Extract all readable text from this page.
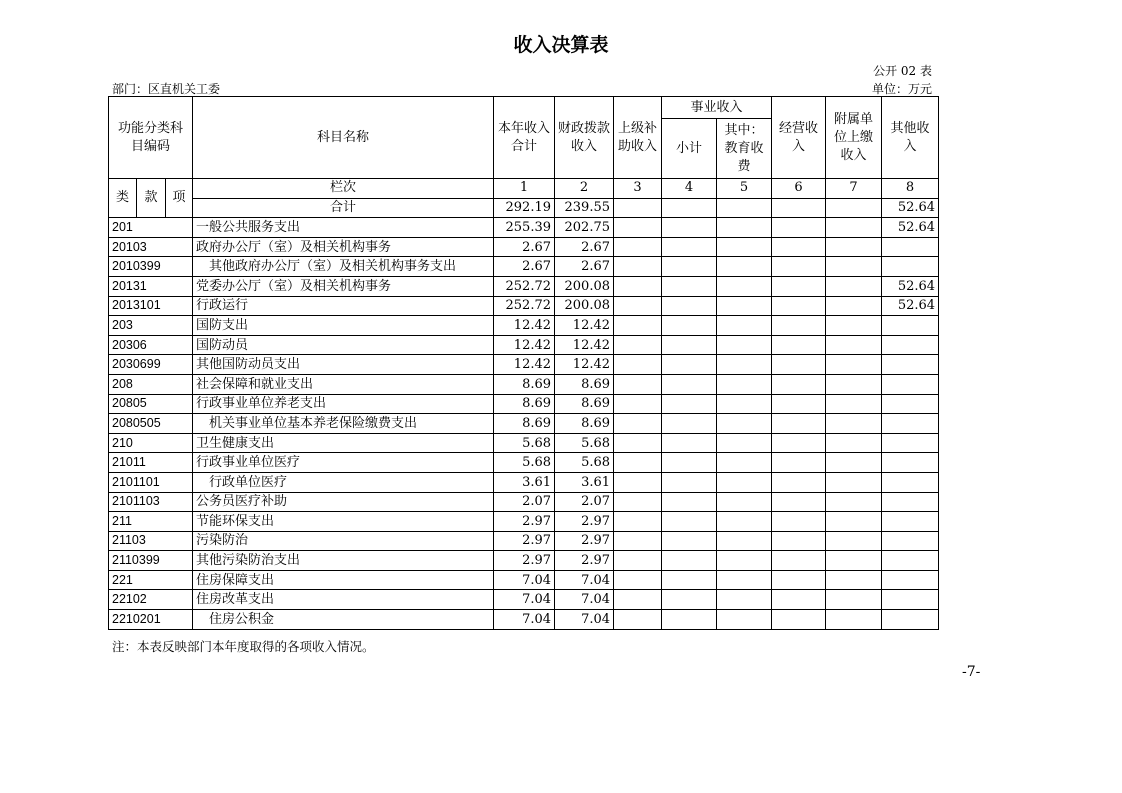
收入决算表
公开 02 表
部门：区直机关工委	单位：万元
功能分类科目编码			科目名称	本年收入合计	财政拨款收入	上级补助收入	事业收入		经营收入	附属单位上缴收入	其他收入
							小计	其中：教育收费			
类	款	项	栏次	1	2	3	4	5	6	7	8
			合计	292.19	239.55						52.64
201			一般公共服务支出	255.39	202.75						52.64
20103			政府办公厅（室）及相关机构事务	2.67	2.67						
2010399			其他政府办公厅（室）及相关机构事务支出	2.67	2.67						
20131			党委办公厅（室）及相关机构事务	252.72	200.08						52.64
2013101			行政运行	252.72	200.08						52.64
203			国防支出	12.42	12.42						
20306			国防动员	12.42	12.42						
2030699			其他国防动员支出	12.42	12.42						
208			社会保障和就业支出	8.69	8.69						
20805			行政事业单位养老支出	8.69	8.69						
2080505			机关事业单位基本养老保险缴费支出	8.69	8.69						
210			卫生健康支出	5.68	5.68						
21011			行政事业单位医疗	5.68	5.68						
2101101			行政单位医疗	3.61	3.61						
2101103			公务员医疗补助	2.07	2.07						
211			节能环保支出	2.97	2.97						
21103			污染防治	2.97	2.97						
2110399			其他污染防治支出	2.97	2.97						
221			住房保障支出	7.04	7.04						
22102			住房改革支出	7.04	7.04						
2210201			住房公积金	7.04	7.04						
注：本表反映部门本年度取得的各项收入情况。
-7-
